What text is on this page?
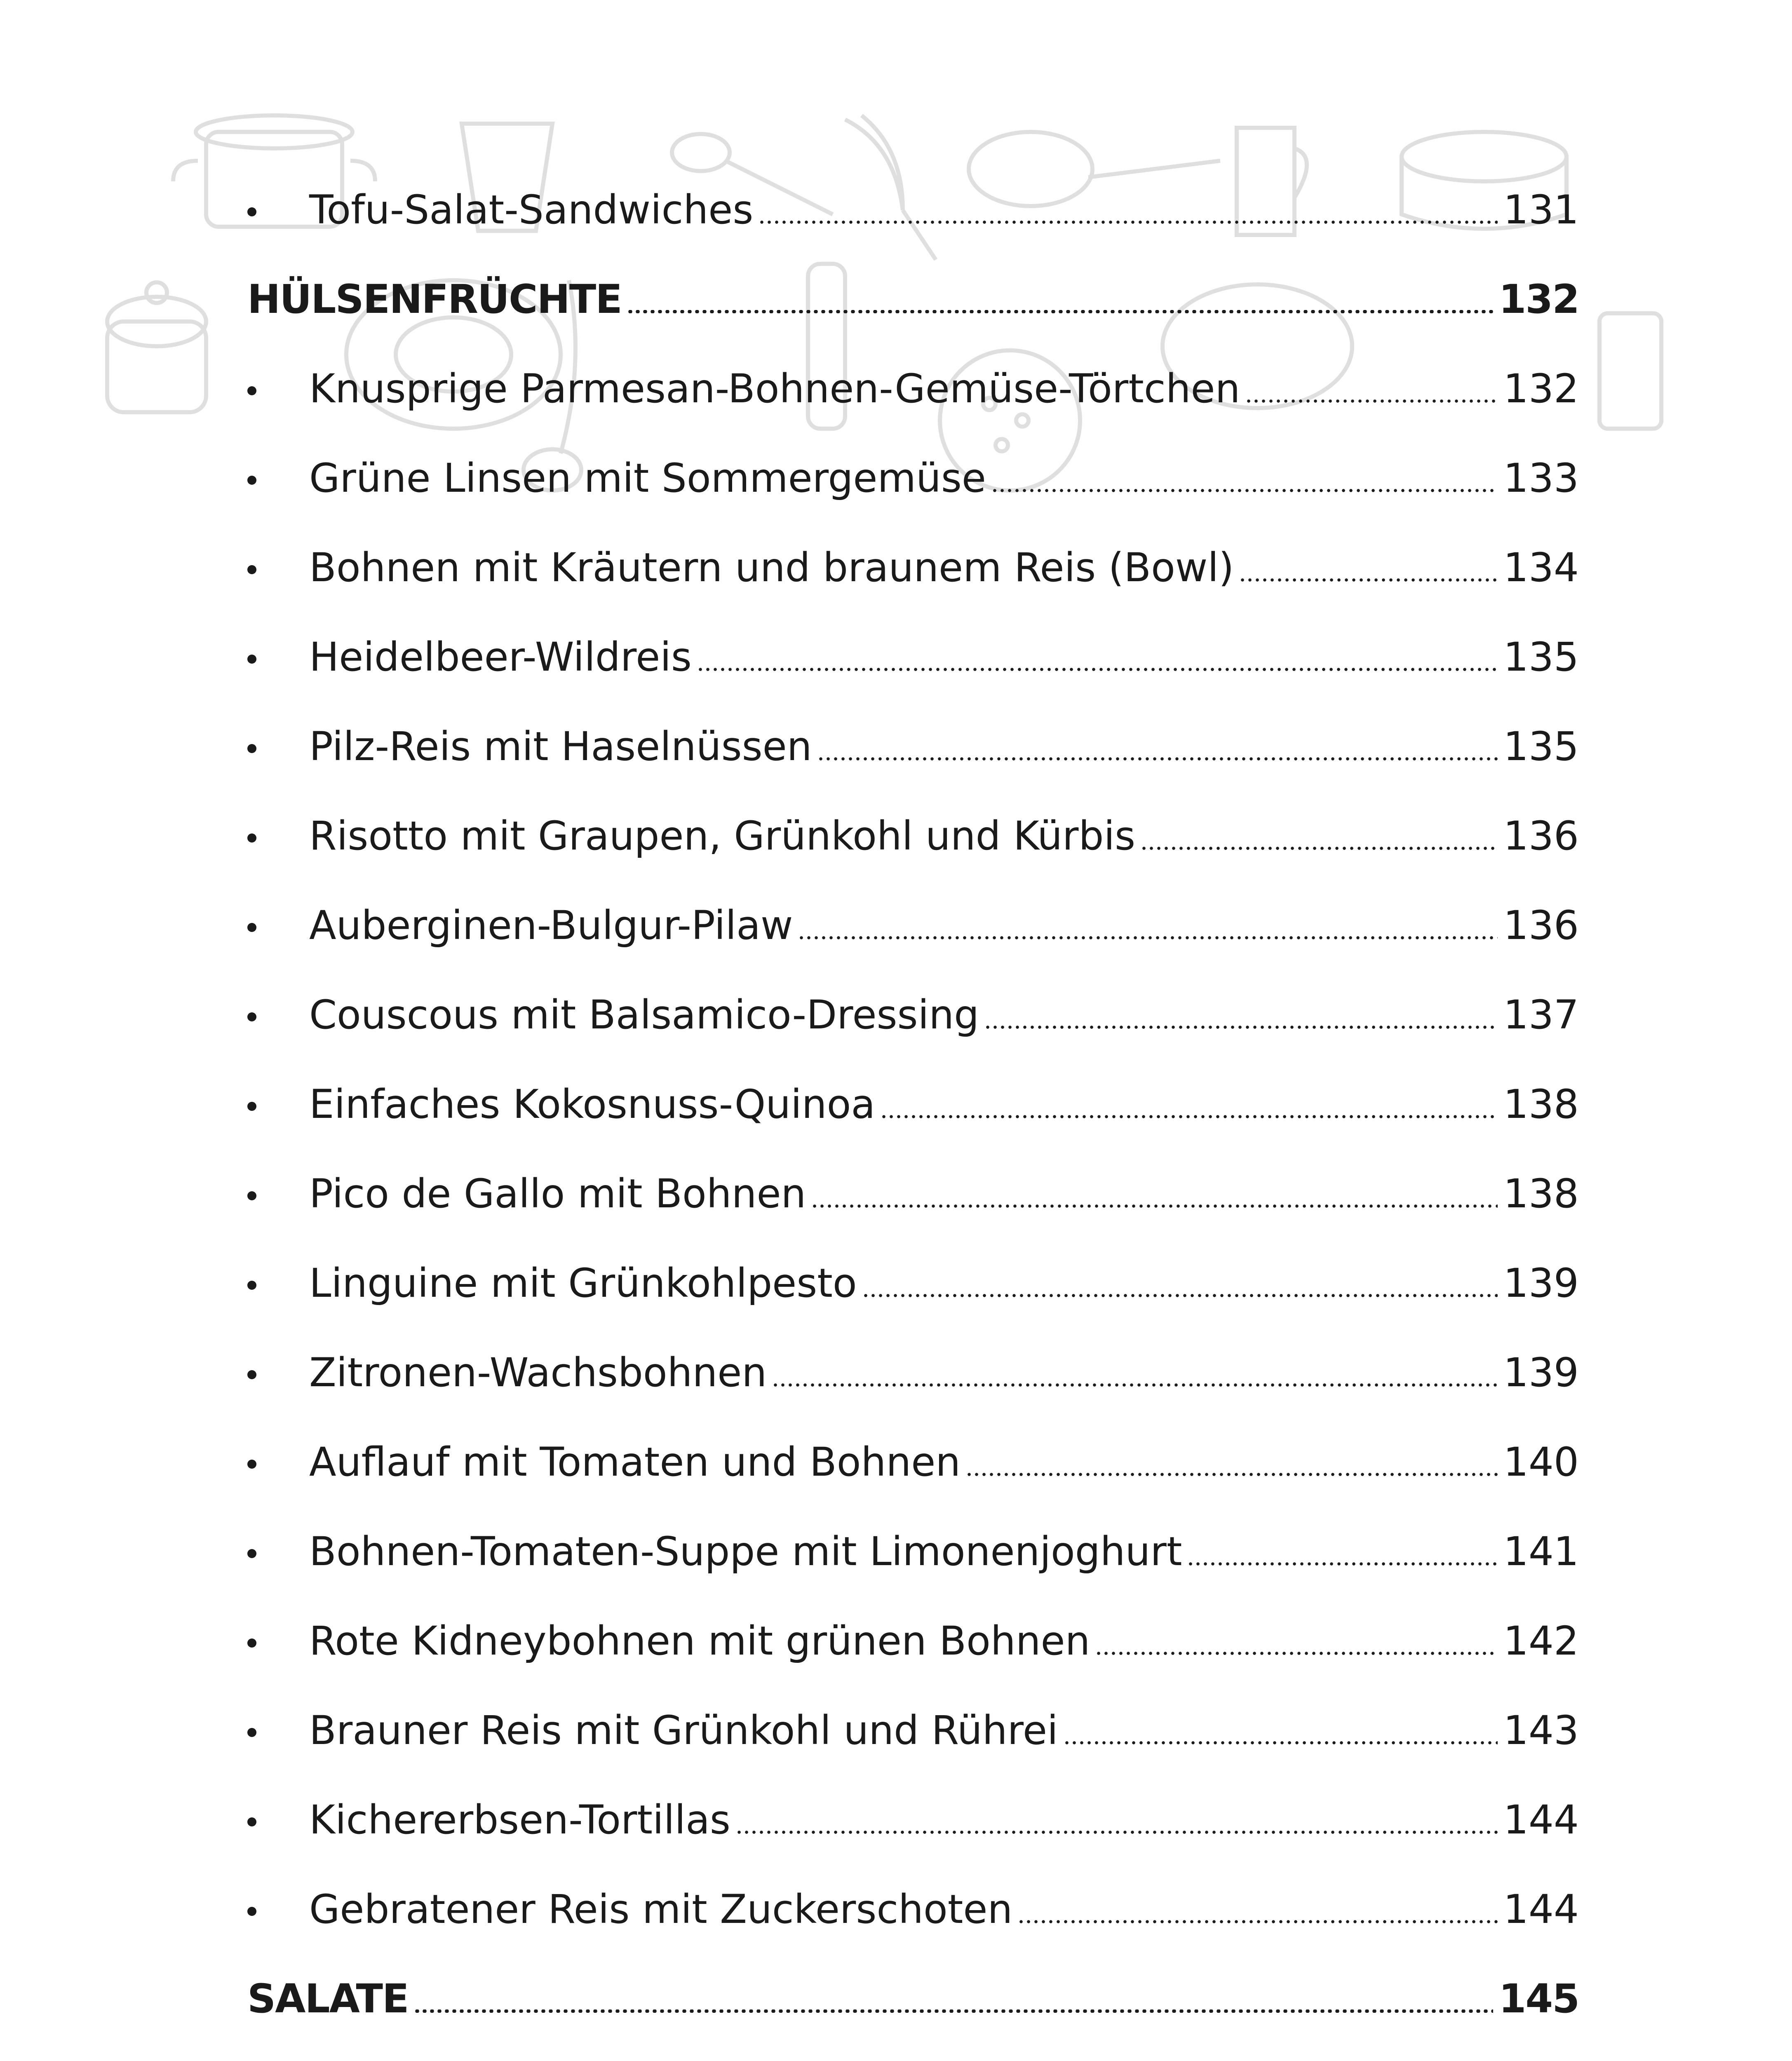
Tofu-Salat-Sandwiches	131
HÜLSENFRÜCHTE	132
Knusprige Parmesan-Bohnen-Gemüse-Törtchen	132
Grüne Linsen mit Sommergemüse	133
Bohnen mit Kräutern und braunem Reis (Bowl)	134
Heidelbeer-Wildreis	135
Pilz-Reis mit Haselnüssen	135
Risotto mit Graupen, Grünkohl und Kürbis	136
Auberginen-Bulgur-Pilaw	136
Couscous mit Balsamico-Dressing	137
Einfaches Kokosnuss-Quinoa	138
Pico de Gallo mit Bohnen	138
Linguine mit Grünkohlpesto	139
Zitronen-Wachsbohnen	139
Auflauf mit Tomaten und Bohnen	140
Bohnen-Tomaten-Suppe mit Limonenjoghurt	141
Rote Kidneybohnen mit grünen Bohnen	142
Brauner Reis mit Grünkohl und Rührei	143
Kichererbsen-Tortillas	144
Gebratener Reis mit Zuckerschoten	144
SALATE	145
